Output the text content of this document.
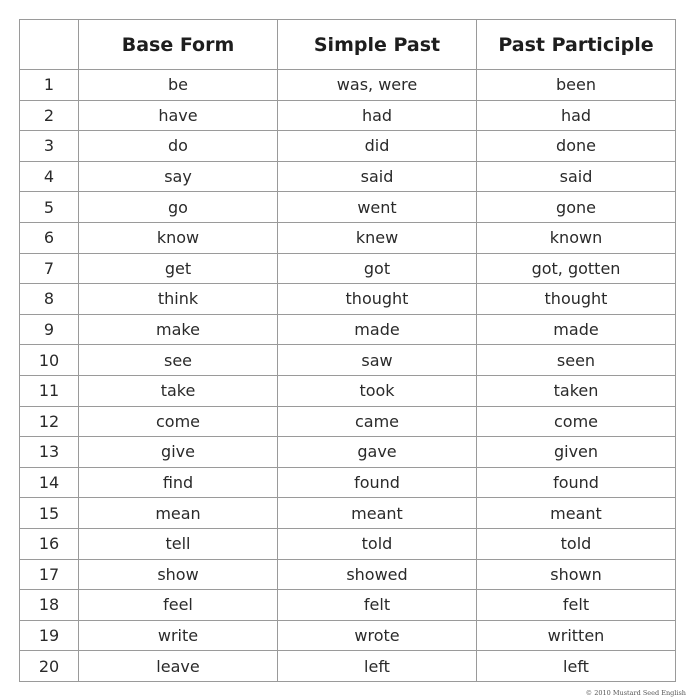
	Base Form	Simple Past	Past Participle
1	be	was, were	been
2	have	had	had
3	do	did	done
4	say	said	said
5	go	went	gone
6	know	knew	known
7	get	got	got, gotten
8	think	thought	thought
9	make	made	made
10	see	saw	seen
11	take	took	taken
12	come	came	come
13	give	gave	given
14	find	found	found
15	mean	meant	meant
16	tell	told	told
17	show	showed	shown
18	feel	felt	felt
19	write	wrote	written
20	leave	left	left
© 2010 Mustard Seed English
